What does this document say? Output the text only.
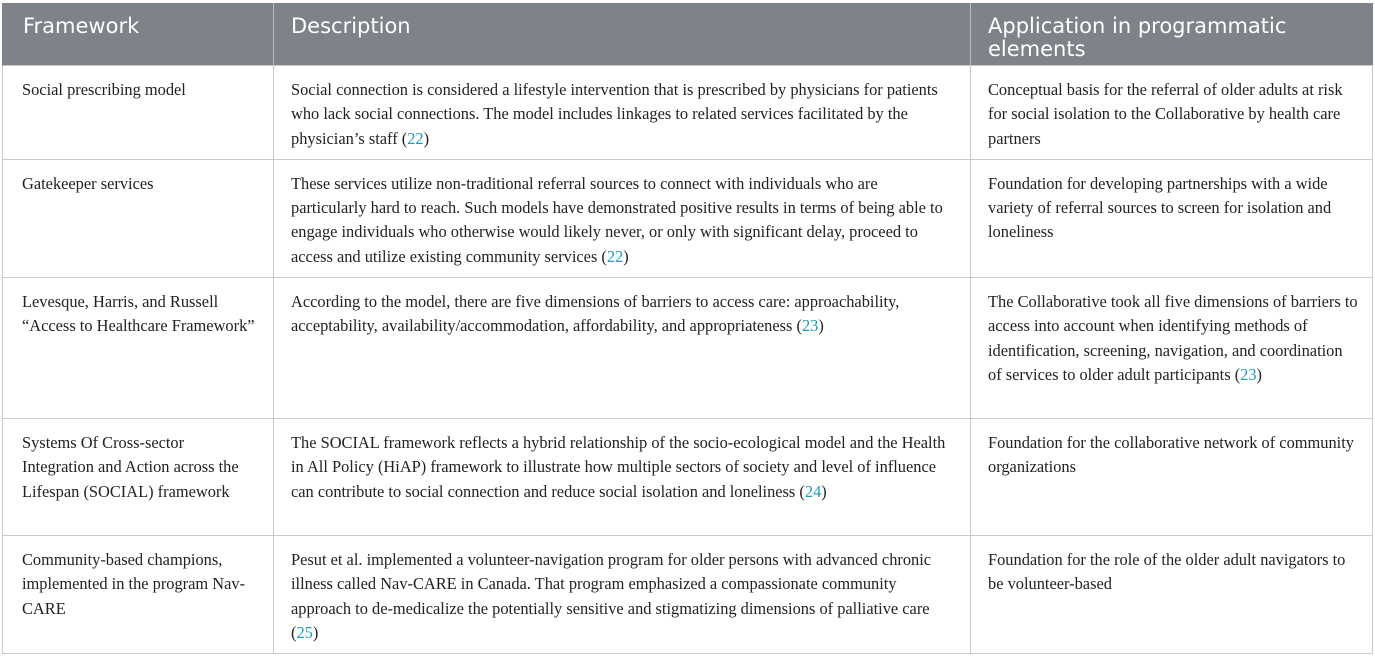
Framework	Description	Application in programmatic elements
Social prescribing model	Social connection is considered a lifestyle intervention that is prescribed by physicians for patients who lack social connections. The model includes linkages to related services facilitated by the physician’s staff (22)	Conceptual basis for the referral of older adults at risk for social isolation to the Collaborative by health care partners
Gatekeeper services	These services utilize non-traditional referral sources to connect with individuals who are particularly hard to reach. Such models have demonstrated positive results in terms of being able to engage individuals who otherwise would likely never, or only with significant delay, proceed to access and utilize existing community services (22)	Foundation for developing partnerships with a wide variety of referral sources to screen for isolation and loneliness
Levesque, Harris, and Russell “Access to Healthcare Framework”	According to the model, there are five dimensions of barriers to access care: approachability, acceptability, availability/accommodation, affordability, and appropriateness (23)	The Collaborative took all five dimensions of barriers to access into account when identifying methods of identification, screening, navigation, and coordination of services to older adult participants (23)
Systems Of Cross-sector Integration and Action across the Lifespan (SOCIAL) framework	The SOCIAL framework reflects a hybrid relationship of the socio-ecological model and the Health in All Policy (HiAP) framework to illustrate how multiple sectors of society and level of influence can contribute to social connection and reduce social isolation and loneliness (24)	Foundation for the collaborative network of community organizations
Community-based champions, implemented in the program Nav-CARE	Pesut et al. implemented a volunteer-navigation program for older persons with advanced chronic illness called Nav-CARE in Canada. That program emphasized a compassionate community approach to de-medicalize the potentially sensitive and stigmatizing dimensions of palliative care (25)	Foundation for the role of the older adult navigators to be volunteer-based
